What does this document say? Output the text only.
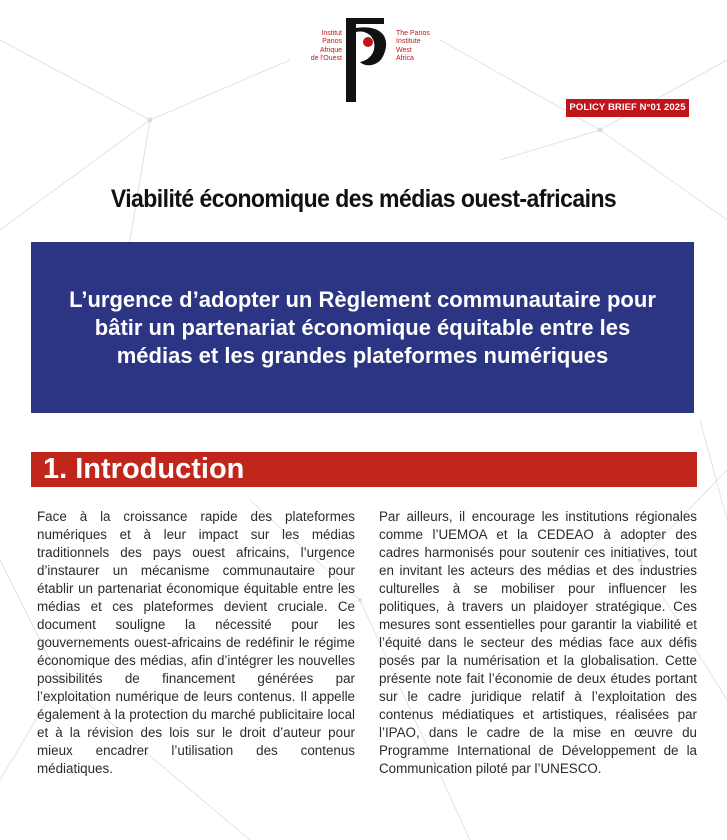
Institut
Panos
Afrique
de l'Ouest
The Panos
Institute
West
Africa
POLICY BRIEF N°01 2025
Viabilité économique des médias ouest-africains
L’urgence d’adopter un Règlement communautaire pour bâtir un partenariat économique équitable entre les médias et les grandes plateformes numériques
1. Introduction

Face à la croissance rapide des plateformes numériques et à leur impact sur les médias traditionnels des pays ouest africains, l’urgence d’instaurer un mécanisme communautaire pour établir un partenariat économique équitable entre les médias et ces plateformes devient cruciale. Ce document souligne la nécessité pour les gouvernements ouest-africains de redéfinir le régime économique des médias, afin d’intégrer les nouvelles possibilités de financement générées par l’exploitation numérique de leurs contenus. Il appelle également à la protection du marché publicitaire local et à la révision des lois sur le droit d’auteur pour mieux encadrer l’utilisation des contenus médiatiques.

Par ailleurs, il encourage les institutions régionales comme l’UEMOA et la CEDEAO à adopter des cadres harmonisés pour soutenir ces initiatives, tout en invitant les acteurs des médias et des industries culturelles à se mobiliser pour influencer les politiques, à travers un plaidoyer stratégique. Ces mesures sont essentielles pour garantir la viabilité et l’équité dans le secteur des médias face aux défis posés par la numérisation et la globalisation. Cette présente note fait l’économie de deux études portant sur le cadre juridique relatif à l’exploitation des contenus médiatiques et artistiques, réalisées par l’IPAO, dans le cadre de la mise en œuvre du Programme International de Développement de la Communication piloté par l’UNESCO.
